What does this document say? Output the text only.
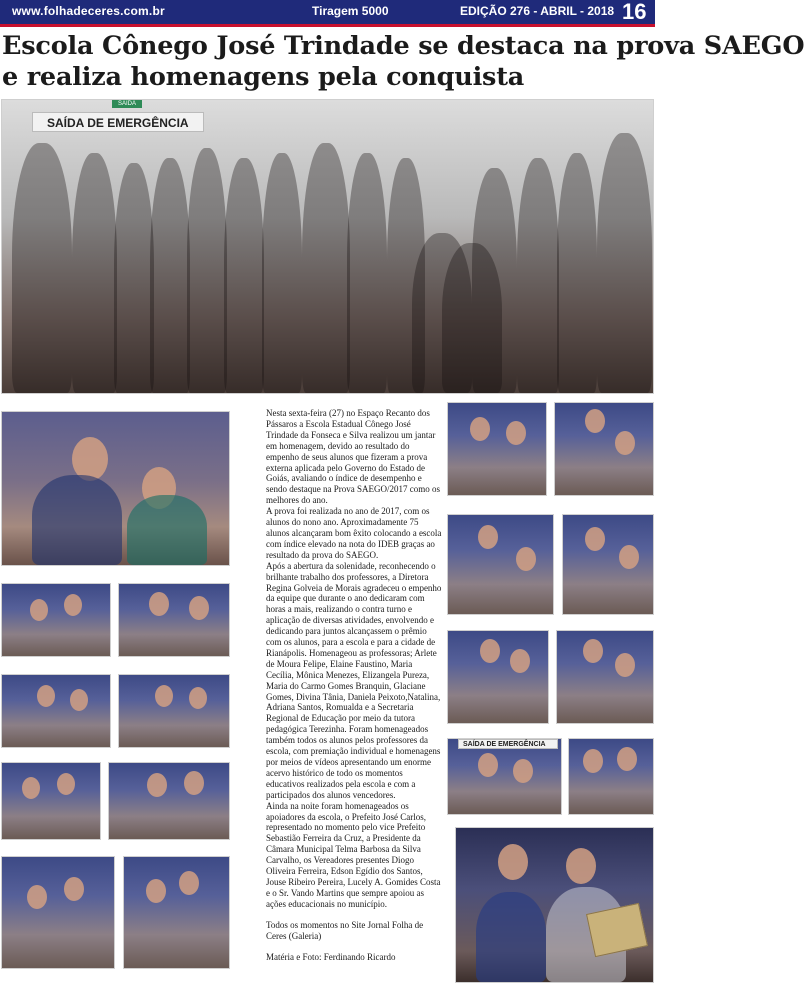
www.folhadeceres.com.br	Tiragem 5000	EDIÇÃO 276 - ABRIL - 2018 16
Escola Cônego José Trindade se destaca na prova SAEGO
e realiza homenagens pela conquista
SAÍDA DE EMERGÊNCIA
SAIDA

Nesta sexta-feira (27) no Espaço Recanto dos Pássaros a Escola Estadual Cônego José Trindade da Fonseca e Silva realizou um jantar em homenagem, devido ao resultado do empenho de seus alunos que fizeram a prova externa aplicada pelo Governo do Estado de Goiás, avaliando o índice de desempenho e sendo destaque na Prova SAEGO/2017 como os melhores do ano.

A prova foi realizada no ano de 2017, com os alunos do nono ano. Aproximadamente 75 alunos alcançaram bom êxito colocando a escola com índice elevado na nota do IDEB graças ao resultado da prova do SAEGO.

Após a abertura da solenidade, reconhecendo o brilhante trabalho dos professores, a Diretora Regina Golveia de Morais agradeceu o empenho da equipe que durante o ano dedicaram com horas a mais, realizando o contra turno e aplicação de diversas atividades, envolvendo e dedicando para juntos alcançassem o prêmio com os alunos, para a escola e para a cidade de Rianápolis. Homenageou as professoras; Arlete de Moura Felipe, Elaine Faustino, Maria Cecília, Mônica Menezes, Elizangela Pureza, Maria do Carmo Gomes Branquin, Glaciane Gomes, Divina Tânia, Daniela Peixoto,Natalina, Adriana Santos, Romualda e a Secretaria Regional de Educação por meio da tutora pedagógica Terezinha. Foram homenageados também todos os alunos pelos professores da escola, com premiação individual e homenagens por meios de vídeos apresentando um enorme acervo histórico de todo os momentos educativos realizados pela escola e com a participados dos alunos vencedores.

Ainda na noite foram homenageados os apoiadores da escola, o Prefeito José Carlos, representado no momento pelo vice Prefeito Sebastião Ferreira da Cruz, a Presidente da Câmara Municipal Telma Barbosa da Silva Carvalho, os Vereadores presentes Diogo Oliveira Ferreira, Edson Egídio dos Santos, Jouse Ribeiro Pereira, Lucely A. Gomides Costa e o Sr. Vando Martins que sempre apoiou as ações educacionais no município.

Todos os momentos no Site Jornal Folha de Ceres (Galeria)

Matéria e Foto: Ferdinando Ricardo

SAÍDA DE EMERGÊNCIA
